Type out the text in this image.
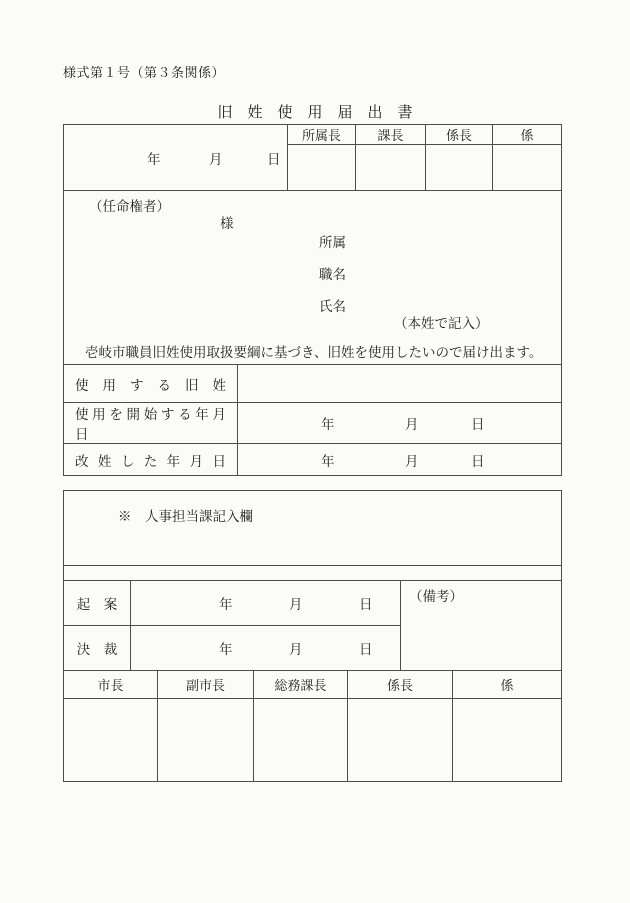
様式第１号（第３条関係）
旧　姓　使　用　届　出　書
年 月 日		所属長	課長	係長	係

（任命権者）
様
所属
職名
氏名
（本姓で記入）
壱岐市職員旧姓使用取扱要綱に基づき、旧姓を使用したいので届け出ます。

使 用 す る 旧 姓					
使 用 を 開 始 す る 年 月 日	年 月 日				

改 姓 し た 年 月 日	年 月 日				
※　人事担当課記入欄						

起　案	年 月 日				（備考）	
決　裁	年 月 日					

市長		副市長	総務課長	係長		係
